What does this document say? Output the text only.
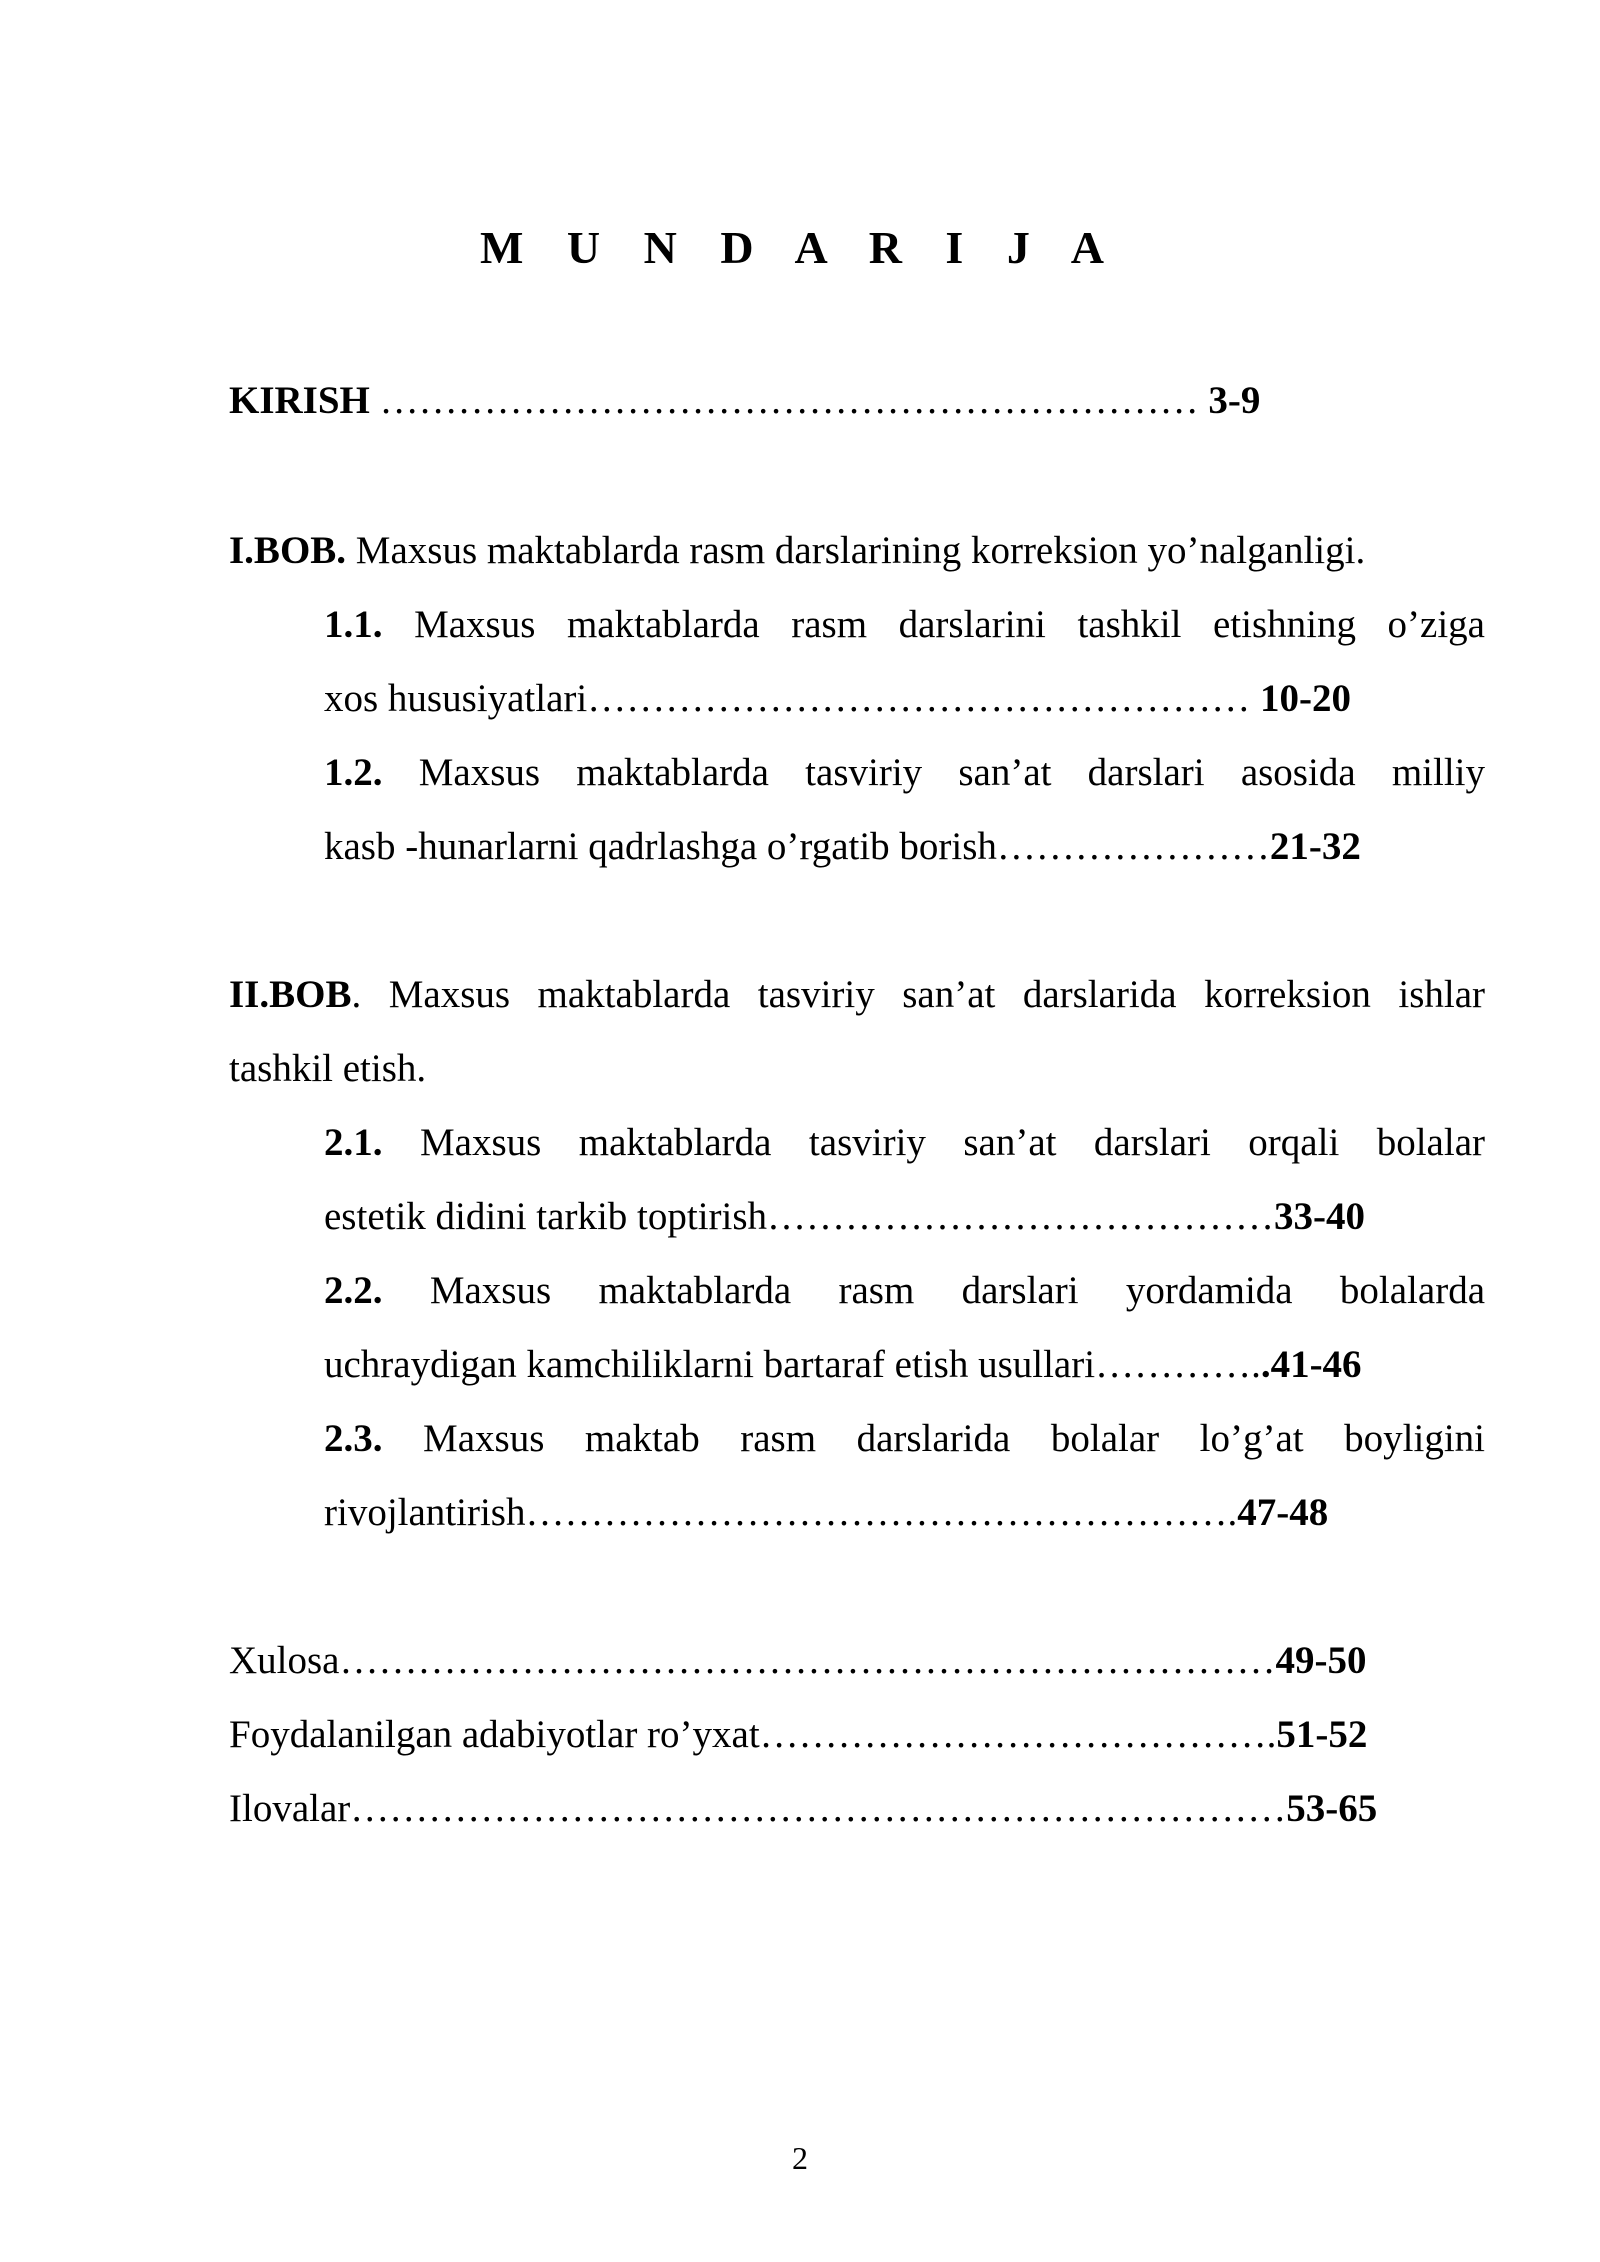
M U N D A R I J A
KIRISH ……………………………………………………… 3-9
I.BOB. Maxsus maktablarda rasm darslarining korreksion yo’nalganligi.
1.1. Maxsus maktablarda rasm darslarini tashkil etishning o’ziga
xos hususiyatlari…………………………………………… 10-20
1.2. Maxsus maktablarda tasviriy san’at darslari asosida milliy
kasb -hunarlarni qadrlashga o’rgatib borish…………………21-32
II.BOB. Maxsus maktablarda tasviriy san’at darslarida korreksion ishlar
tashkil etish.
2.1. Maxsus maktablarda tasviriy san’at darslari orqali bolalar
estetik didini tarkib toptirish…………………………………33-40
2.2. Maxsus maktablarda rasm darslari yordamida bolalarda
uchraydigan kamchiliklarni bartaraf etish usullari…………..41-46
2.3. Maxsus maktab rasm darslarida bolalar lo’g’at boyligini
rivojlantirish……………………………………………….47-48
Xulosa………………………………………………………………49-50
Foydalanilgan adabiyotlar ro’yxat………………………………….51-52
Ilovalar………………………………………………………………53-65
2
